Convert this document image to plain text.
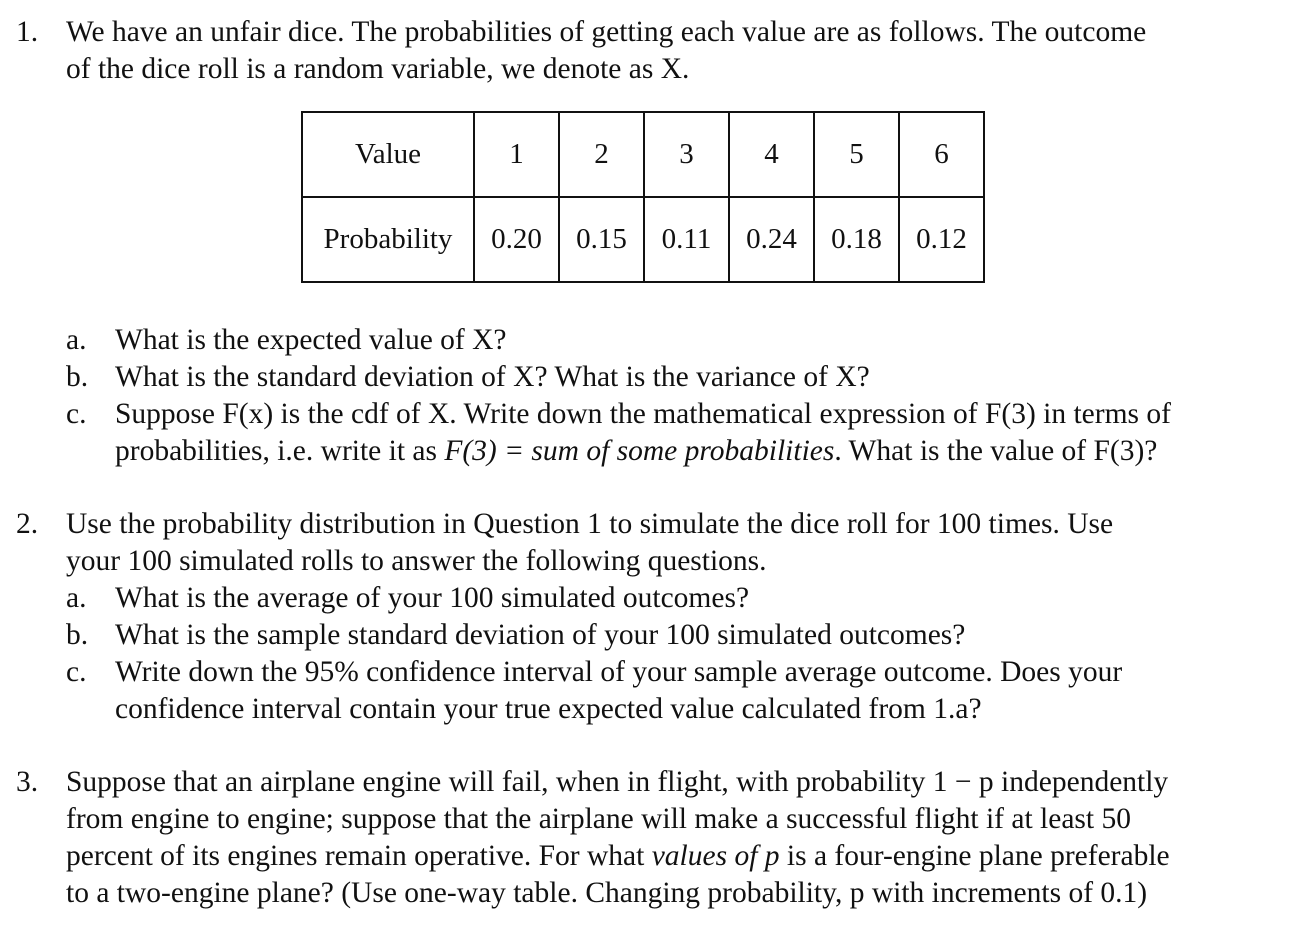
1. We have an unfair dice. The probabilities of getting each value are as follows. The outcome
of the dice roll is a random variable, we denote as X.
Value	1	2	3	4	5	6
Probability	0.20	0.15	0.11	0.24	0.18	0.12
a. What is the expected value of X?
b. What is the standard deviation of X? What is the variance of X?
c. Suppose F(x) is the cdf of X. Write down the mathematical expression of F(3) in terms of
probabilities, i.e. write it as F(3) = sum of some probabilities. What is the value of F(3)?
2. Use the probability distribution in Question 1 to simulate the dice roll for 100 times. Use
your 100 simulated rolls to answer the following questions.
a. What is the average of your 100 simulated outcomes?
b. What is the sample standard deviation of your 100 simulated outcomes?
c. Write down the 95% confidence interval of your sample average outcome. Does your
confidence interval contain your true expected value calculated from 1.a?
3. Suppose that an airplane engine will fail, when in flight, with probability 1 − p independently
from engine to engine; suppose that the airplane will make a successful flight if at least 50
percent of its engines remain operative. For what values of p is a four-engine plane preferable
to a two-engine plane? (Use one-way table. Changing probability, p with increments of 0.1)
